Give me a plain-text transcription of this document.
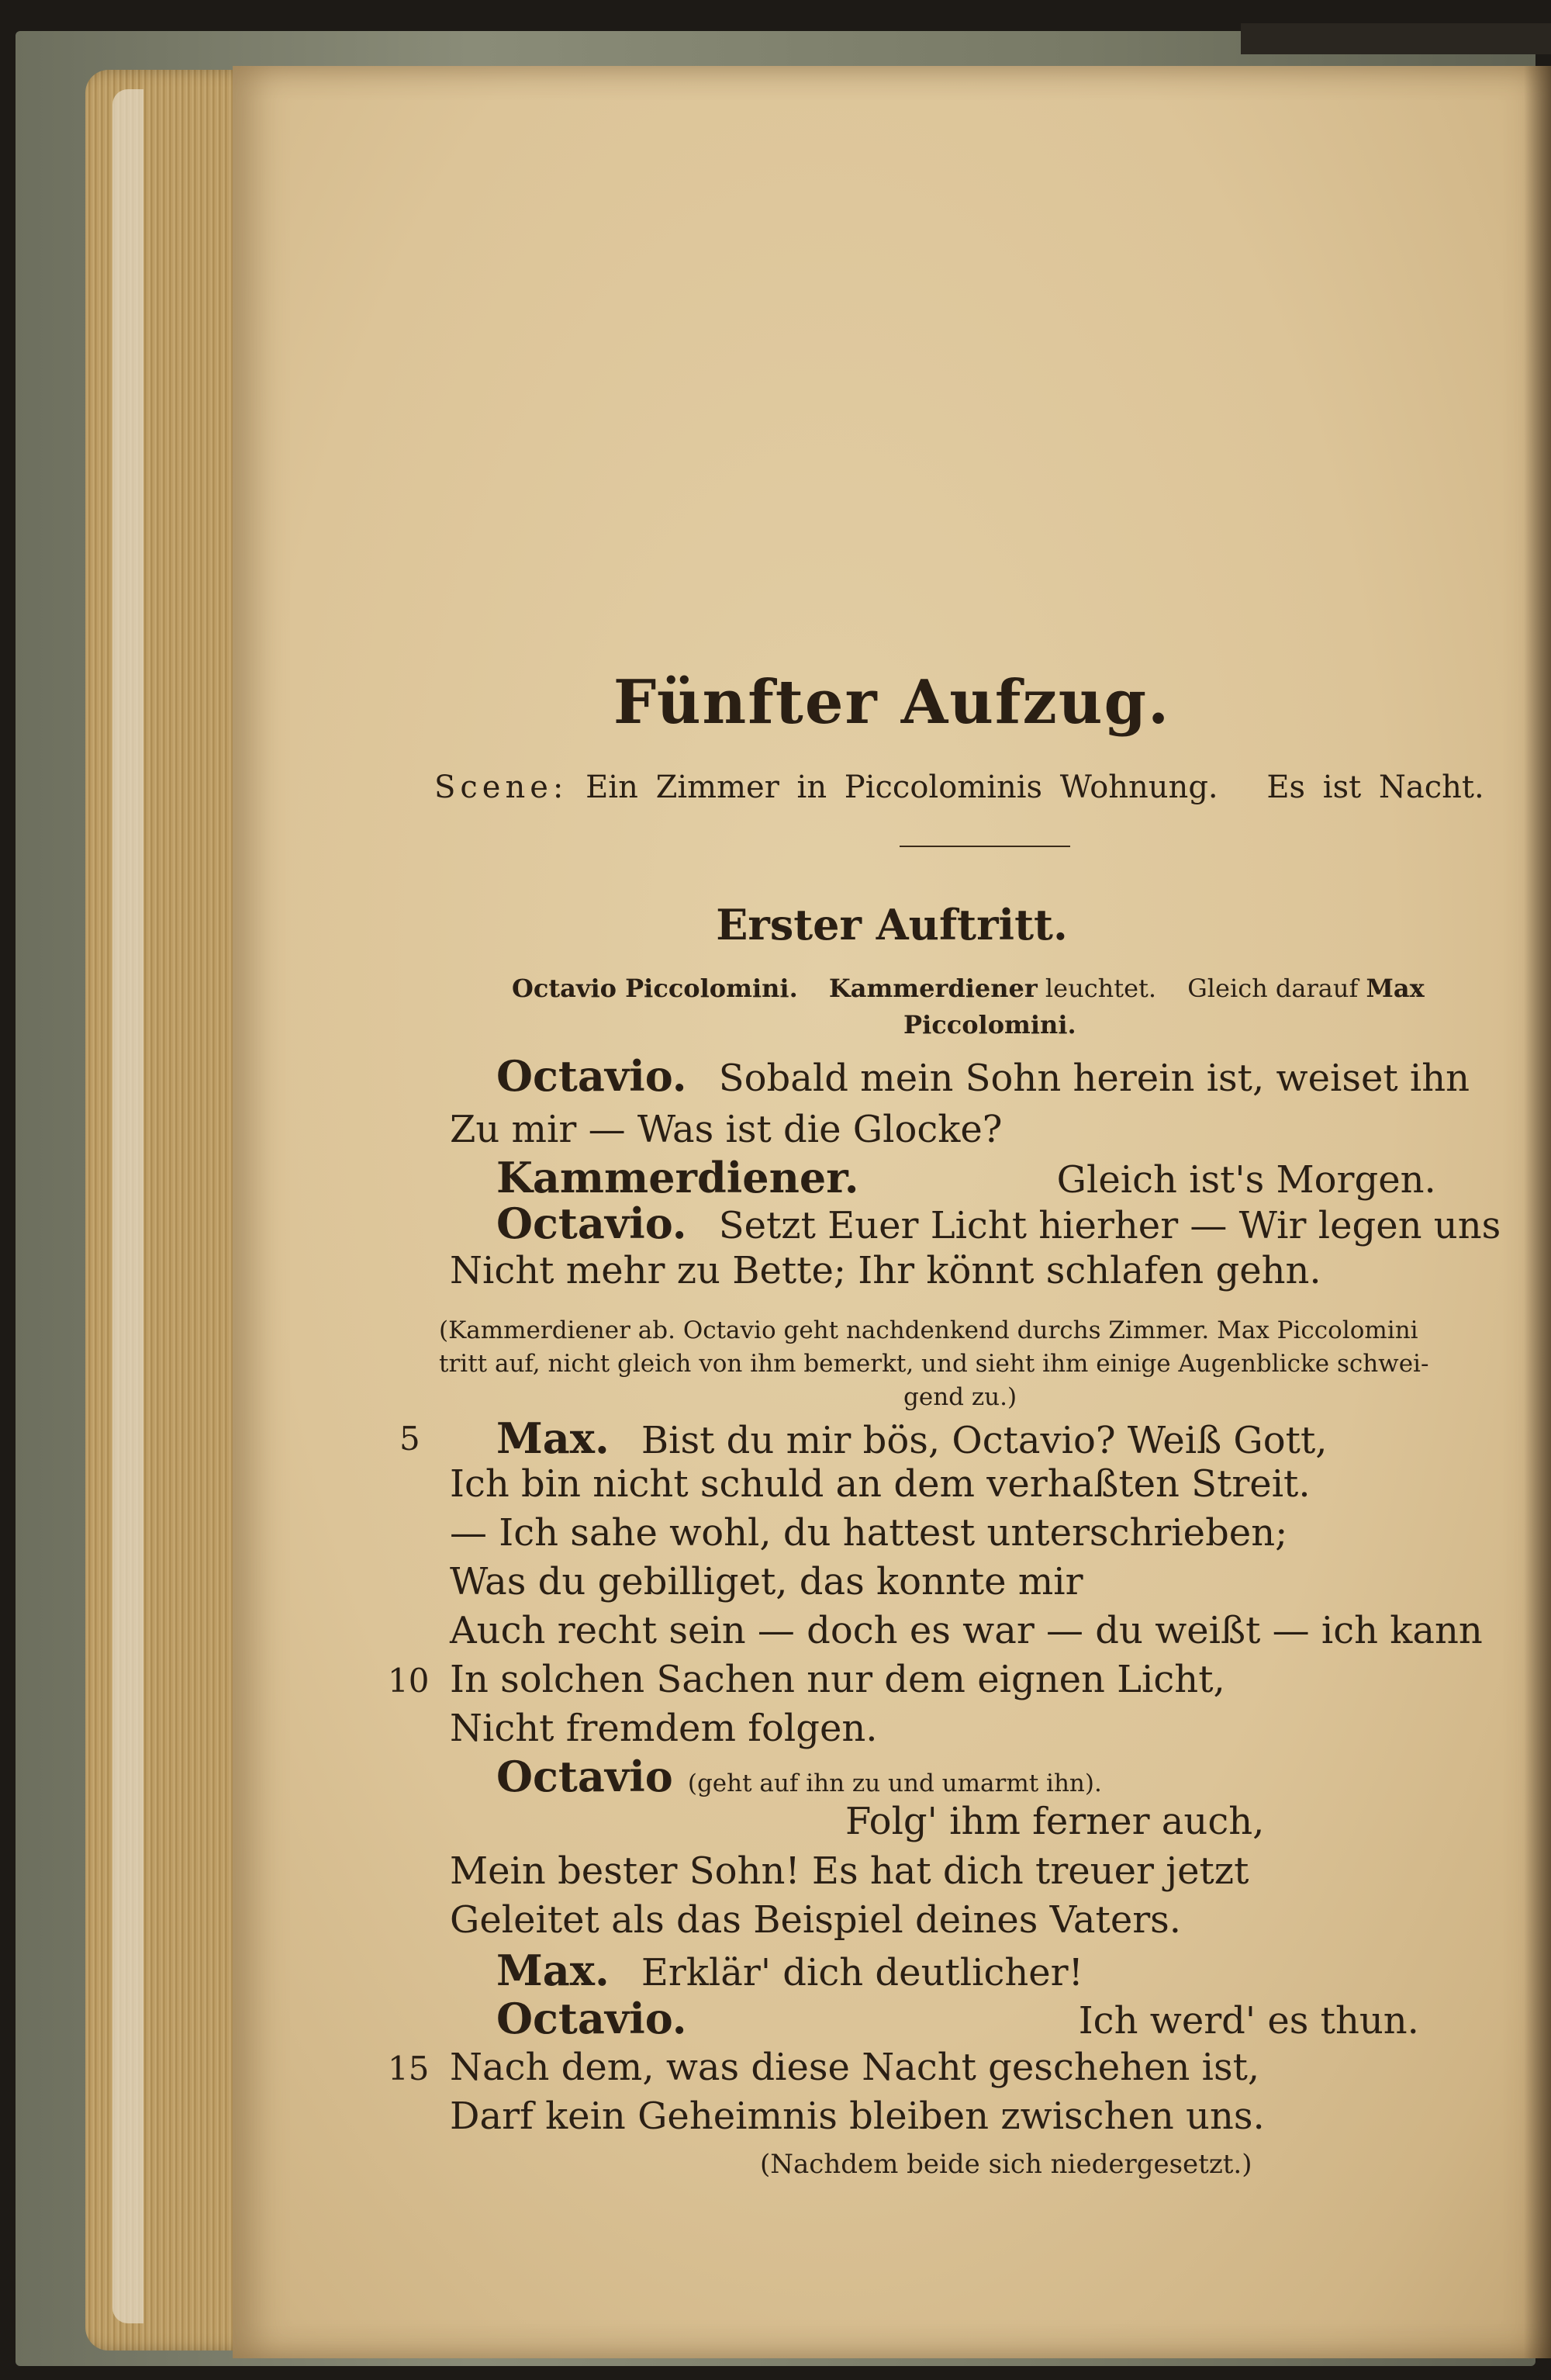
Fünfter Aufzug.
Scene: Ein Zimmer in Piccolominis Wohnung. Es ist Nacht.
Erster Auftritt.
Octavio Piccolomini. Kammerdiener leuchtet. Gleich darauf Max
Piccolomini.
Octavio. Sobald mein Sohn herein ist, weiset ihn
Zu mir — Was ist die Glocke?
Kammerdiener.	Gleich ist's Morgen.
Octavio. Setzt Euer Licht hierher — Wir legen uns
Nicht mehr zu Bette; Ihr könnt schlafen gehn.
(Kammerdiener ab. Octavio geht nachdenkend durchs Zimmer. Max Piccolomini
tritt auf, nicht gleich von ihm bemerkt, und sieht ihm einige Augenblicke schwei-
gend zu.)
5 Max. Bist du mir bös, Octavio? Weiß Gott,
Ich bin nicht schuld an dem verhaßten Streit.
— Ich sahe wohl, du hattest unterschrieben;
Was du gebilliget, das konnte mir
Auch recht sein — doch es war — du weißt — ich kann
10 In solchen Sachen nur dem eignen Licht,
Nicht fremdem folgen.
Octavio (geht auf ihn zu und umarmt ihn).
Folg' ihm ferner auch,
Mein bester Sohn! Es hat dich treuer jetzt
Geleitet als das Beispiel deines Vaters.
Max. Erklär' dich deutlicher!
Octavio.	Ich werd' es thun.
15 Nach dem, was diese Nacht geschehen ist,
Darf kein Geheimnis bleiben zwischen uns.
(Nachdem beide sich niedergesetzt.)
